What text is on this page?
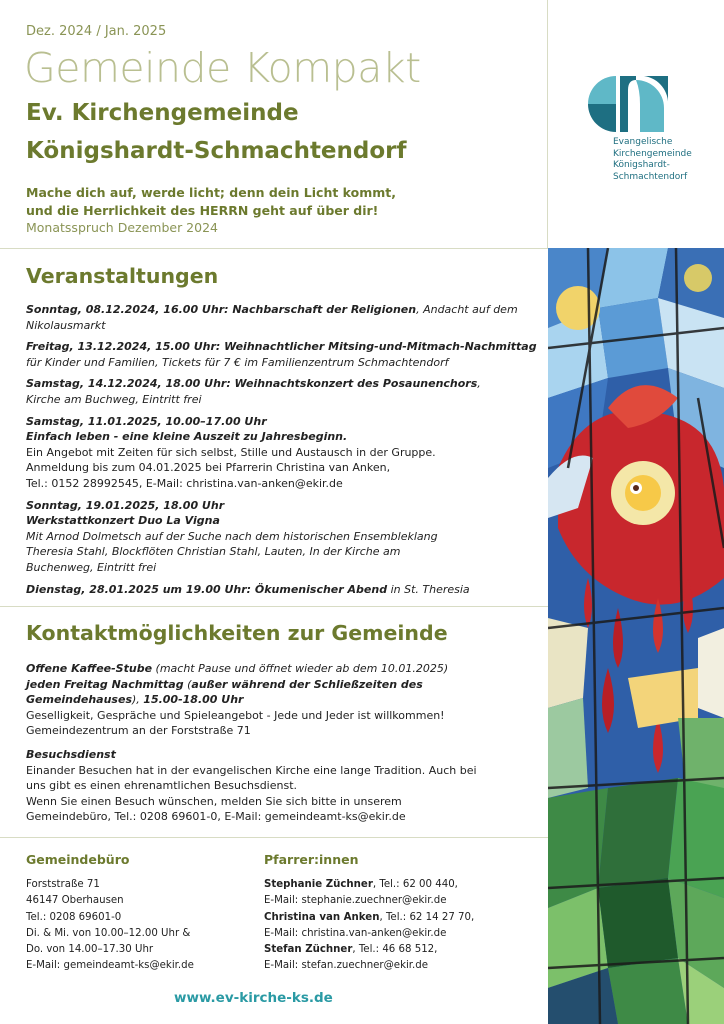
Dez. 2024 / Jan. 2025
Gemeinde Kompakt
Ev. Kirchengemeinde
Königshardt-Schmachtendorf
Mache dich auf, werde licht; denn dein Licht kommt,
und die Herrlichkeit des HERRN geht auf über dir!
Monatsspruch Dezember 2024
Evangelische
Kirchengemeinde
Königshardt-
Schmachtendorf
Veranstaltungen
Sonntag, 08.12.2024, 16.00 Uhr: Nachbarschaft der Religionen, Andacht auf dem
Nikolausmarkt
Freitag, 13.12.2024, 15.00 Uhr: Weihnachtlicher Mitsing-und-Mitmach-Nachmittag
für Kinder und Familien, Tickets für 7 € im Familienzentrum Schmachtendorf
Samstag, 14.12.2024, 18.00 Uhr: Weihnachtskonzert des Posaunenchors,
Kirche am Buchweg, Eintritt frei
Samstag, 11.01.2025, 10.00–17.00 Uhr
Einfach leben - eine kleine Auszeit zu Jahresbeginn.
Ein Angebot mit Zeiten für sich selbst, Stille und Austausch in der Gruppe.
Anmeldung bis zum 04.01.2025 bei Pfarrerin Christina van Anken,
Tel.: 0152 28992545, E-Mail: christina.van-anken@ekir.de
Sonntag, 19.01.2025, 18.00 Uhr
Werkstattkonzert Duo La Vigna
Mit Arnod Dolmetsch auf der Suche nach dem historischen Ensembleklang
Theresia Stahl, Blockflöten Christian Stahl, Lauten, In der Kirche am
Buchenweg, Eintritt frei
Dienstag, 28.01.2025 um 19.00 Uhr: Ökumenischer Abend in St. Theresia
Kontaktmöglichkeiten zur Gemeinde
Offene Kaffee-Stube (macht Pause und öffnet wieder ab dem 10.01.2025)
jeden Freitag Nachmittag (außer während der Schließzeiten des
Gemeindehauses), 15.00-18.00 Uhr
Geselligkeit, Gespräche und Spieleangebot - Jede und Jeder ist willkommen!
Gemeindezentrum an der Forststraße 71
Besuchsdienst
Einander Besuchen hat in der evangelischen Kirche eine lange Tradition. Auch bei
uns gibt es einen ehrenamtlichen Besuchsdienst.
Wenn Sie einen Besuch wünschen, melden Sie sich bitte in unserem
Gemeindebüro, Tel.: 0208 69601-0, E-Mail: gemeindeamt-ks@ekir.de
Gemeindebüro
Forststraße 71
46147 Oberhausen
Tel.: 0208 69601-0
Di. & Mi. von 10.00–12.00 Uhr &
Do. von 14.00–17.30 Uhr
E-Mail: gemeindeamt-ks@ekir.de
Pfarrer:innen
Stephanie Züchner, Tel.: 62 00 440,
E-Mail: stephanie.zuechner@ekir.de
Christina van Anken, Tel.: 62 14 27 70,
E-Mail: christina.van-anken@ekir.de
Stefan Züchner, Tel.: 46 68 512,
E-Mail: stefan.zuechner@ekir.de
www.ev-kirche-ks.de
